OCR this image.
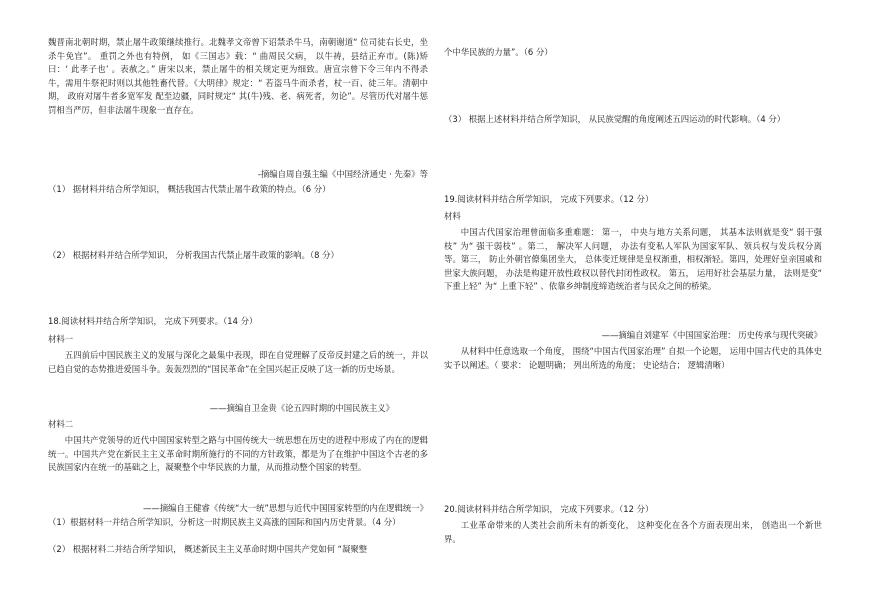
魏晋南北朝时期，禁止屠牛政策继续推行。北魏孝文帝曾下诏禁杀牛马，南朝谢道“ 位司徒右长史，坐杀牛免官”。 重罚之外也有特例， 如《三国志》载：“ 曲周民父病， 以牛祷，县结正弃市。(陈)矫曰：‘ 此孝子也’ 。表赦之。” 唐宋以来，禁止屠牛的相关规定更为细致。唐宣宗曾下令三年内不得杀牛，需用牛祭祀时则以其他牲畜代替。《大明律》规定：“ 若盗马牛而杀者，杖一百、徒三年。清朝中期， 政府对屠牛者多宽军发 配至边疆，同时规定“ 其(牛)残、老、病死者，勿论”。尽管历代对屠牛惩罚相当严厉，但非法屠牛现象一直存在。

-摘编自周自强主编《中国经济通史 · 先秦》等

（1） 据材料并结合所学知识， 概括我国古代禁止屠牛政策的特点。（6 分）

（2） 根据材料并结合所学知识， 分析我国古代禁止屠牛政策的影响。（8 分）

18.阅读材料并结合所学知识， 完成下列要求。（14 分）

材料一

五四前后中国民族主义的发展与深化之最集中表现，即在自觉理解了反帝反封建之后的统一，并以已趋自觉的态势推进爱国斗争。轰轰烈烈的“国民革命”在全国兴起正反映了这一新的历史场景。

——摘编自卫金贵《论五四时期的中国民族主义》

材料二

中国共产党领导的近代中国国家转型之路与中国传统大一统思想在历史的进程中形成了内在的逻辑统一。中国共产党在新民主主义革命时期所施行的不同的方针政策，都是为了在维护中国这个古老的多民族国家内在统一的基础之上，凝聚整个中华民族的力量，从而推动整个国家的转型。

——摘编自王健睿《传统“大一统”思想与近代中国国家转型的内在逻辑统一》

（1）根据材料一并结合所学知识，分析这一时期民族主义高涨的国际和国内历史背景。（4 分）

（2） 根据材料二并结合所学知识， 概述新民主主义革命时期中国共产党如何 “凝聚整

个中华民族的力量”。（6 分）

（3） 根据上述材料并结合所学知识， 从民族觉醒的角度阐述五四运动的时代影响。（4 分）

19.阅读材料并结合所学知识， 完成下列要求。（12 分）

材料

中国古代国家治理曾面临多重难题： 第一， 中央与地方关系问题， 其基本法则就是变“ 弱干强枝” 为“ 强干弱枝” 。第二， 解决军人问题， 办法有变私人军队为国家军队、领兵权与发兵权分离等。第三， 防止外朝官僚集团坐大， 总体变迁规律是皇权渐重，相权渐轻。第四，处理好皇亲国戚和世家大族问题， 办法是构建开放性政权以替代封闭性政权。 第五， 运用好社会基层力量， 法则是变“ 下重上轻” 为“ 上重下轻” 、依靠乡绅制度缔造统治者与民众之间的桥梁。

——摘编自刘建军《中国国家治理： 历史传承与现代突破》

从材料中任意选取一个角度， 围绕“中国古代国家治理” 自拟一个论题， 运用中国古代史的具体史实予以阐述。（ 要求： 论题明确； 列出所选的角度； 史论结合； 逻辑清晰）

20.阅读材料并结合所学知识， 完成下列要求。（12 分）

工业革命带来的人类社会前所未有的新变化， 这种变化在各个方面表现出来， 创造出一个新世界。
